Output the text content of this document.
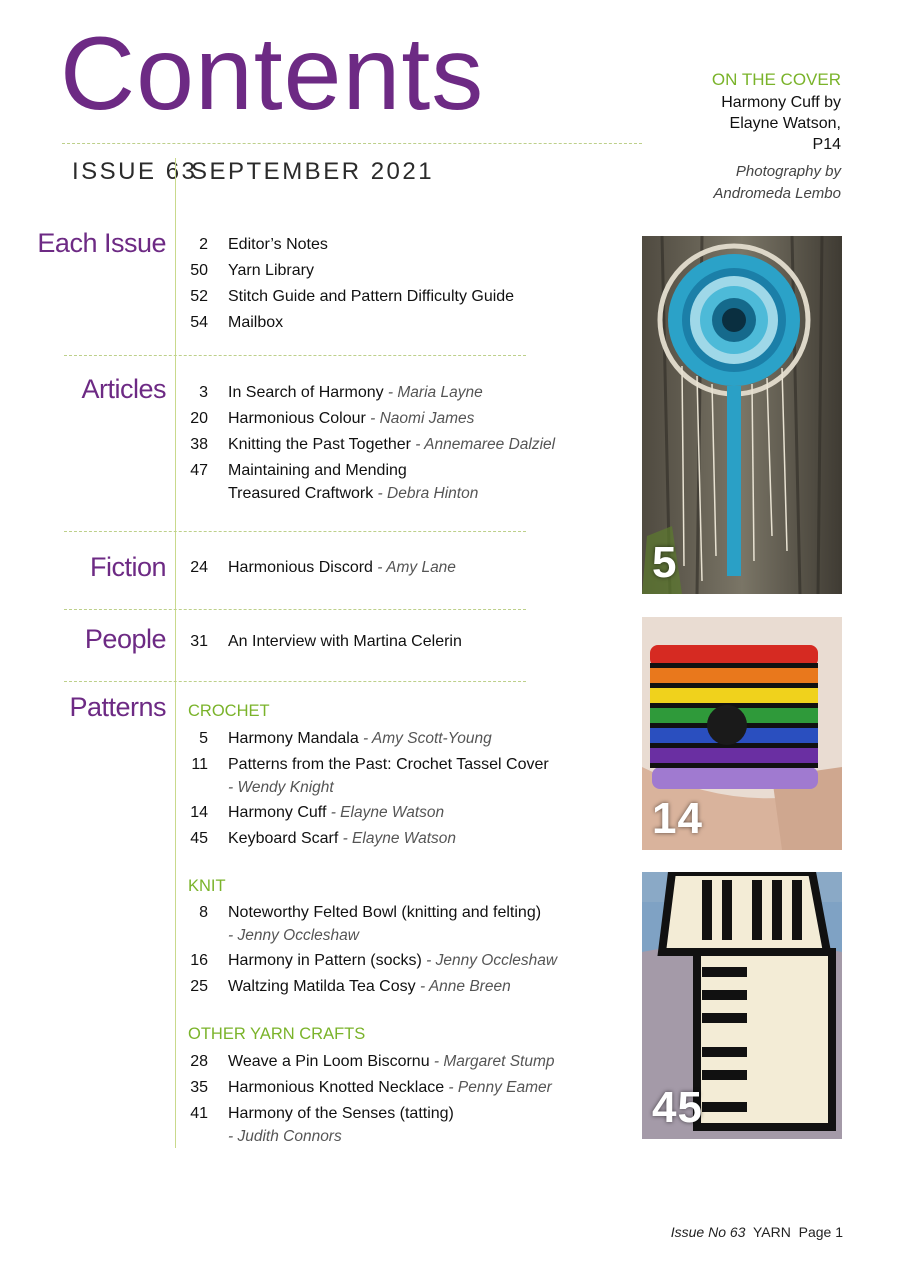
Contents
ISSUE 63
SEPTEMBER 2021
ON THE COVER
Harmony Cuff by
Elayne Watson,
P14
Photography by
Andromeda Lembo
Each Issue	2 Editor’s Notes
50 Yarn Library
52 Stitch Guide and Pattern Difficulty Guide
54 Mailbox
Articles	3 In Search of Harmony - Maria Layne
20 Harmonious Colour - Naomi James
38 Knitting the Past Together - Annemaree Dalziel
47 Maintaining and Mending
Treasured Craftwork - Debra Hinton
Fiction 24 Harmonious Discord - Amy Lane
People 31 An Interview with Martina Celerin
Patterns CROCHET
5 Harmony Mandala - Amy Scott-Young
11 Patterns from the Past: Crochet Tassel Cover
- Wendy Knight
14 Harmony Cuff - Elayne Watson
45 Keyboard Scarf - Elayne Watson
KNIT
8 Noteworthy Felted Bowl (knitting and felting)
- Jenny Occleshaw
16 Harmony in Pattern (socks) - Jenny Occleshaw
25 Waltzing Matilda Tea Cosy - Anne Breen
OTHER YARN CRAFTS
28 Weave a Pin Loom Biscornu - Margaret Stump
35 Harmonious Knotted Necklace - Penny Eamer
41 Harmony of the Senses (tatting)
- Judith Connors
5
14
45
Issue No 63 YARN Page 1
